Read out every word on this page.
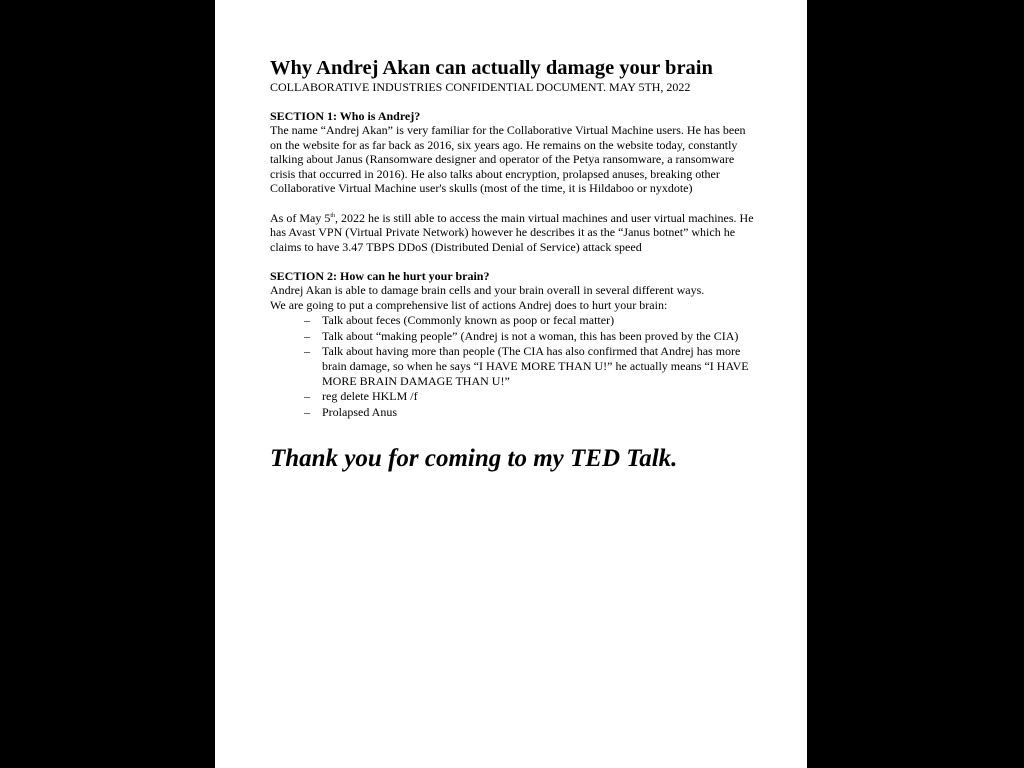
Why Andrej Akan can actually damage your brain

COLLABORATIVE INDUSTRIES CONFIDENTIAL DOCUMENT. MAY 5TH, 2022

SECTION 1: Who is Andrej?

The name “Andrej Akan” is very familiar for the Collaborative Virtual Machine users. He has been on the website for as far back as 2016, six years ago. He remains on the website today, constantly talking about Janus (Ransomware designer and operator of the Petya ransomware, a ransomware crisis that occurred in 2016). He also talks about encryption, prolapsed anuses, breaking other Collaborative Virtual Machine user's skulls (most of the time, it is Hildaboo or nyxdote)

As of May 5th, 2022 he is still able to access the main virtual machines and user virtual machines. He has Avast VPN (Virtual Private Network) however he describes it as the “Janus botnet” which he claims to have 3.47 TBPS DDoS (Distributed Denial of Service) attack speed

SECTION 2: How can he hurt your brain?

Andrej Akan is able to damage brain cells and your brain overall in several different ways.

We are going to put a comprehensive list of actions Andrej does to hurt your brain:

– Talk about feces (Commonly known as poop or fecal matter)
– Talk about “making people” (Andrej is not a woman, this has been proved by the CIA)
– Talk about having more than people (The CIA has also confirmed that Andrej has more brain damage, so when he says “I HAVE MORE THAN U!” he actually means “I HAVE MORE BRAIN DAMAGE THAN U!”
– reg delete HKLM /f
– Prolapsed Anus

Thank you for coming to my TED Talk.
